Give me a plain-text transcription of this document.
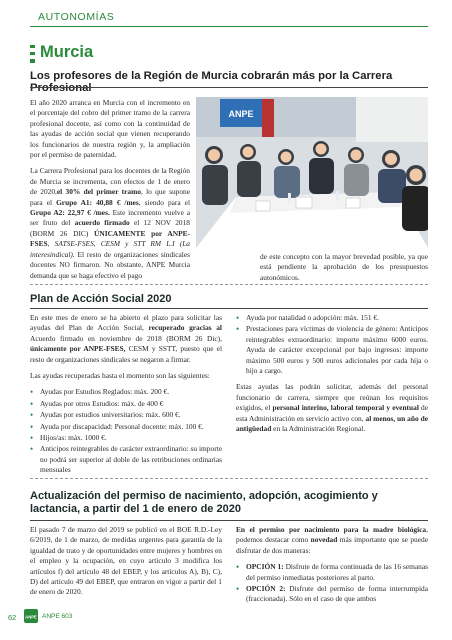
AUTONOMÍAS
Murcia
Los profesores de la Región de Murcia cobrarán más por la Carrera Profesional

El año 2020 arranca en Murcia con el incremento en el porcentaje del cobro del primer tramo de la carrera profesional docente, así como con la continuidad de las ayudas de acción social que vienen recuperando los funcionarios de nuestra región y, la ampliación por el permiso de paternidad.

La Carrera Profesional para los docentes de la Región de Murcia se incrementa, con efectos de 1 de enero de 2020,el 30% del primer tramo, lo que supone para el Grupo A1: 40,88 € /mes, siendo para el Grupo A2: 22,97 € /mes. Este incremento vuelve a ser fruto del acuerdo firmado el 12 NOV 2018 (BORM 26 DIC) ÚNICAMENTE por ANPE-FSES, SATSE-FSES, CESM y STT RM L.I (La interesindical). El resto de organizaciones sindicales docentes NO firmaron. No obstante, ANPE Murcia demanda que se haga efectivo el pago

ANPE

de este concepto con la mayor brevedad posible, ya que está pendiente la aprobación de los presupuestos autonómicos.

Plan de Acción Social 2020

En este mes de enero se ha abierto el plazo para solicitar las ayudas del Plan de Acción Social, recuperado gracias al Acuerdo firmado en noviembre de 2018 (BORM 26 Dic), únicamente por ANPE-FSES, CESM y SSTT, puesto que el resto de organizaciones sindicales se negaron a firmar.

Las ayudas recuperadas hasta el momento son las siguientes:

• Ayudas por Estudios Reglados: máx. 200 €.
• Ayudas por otros Estudios: máx. de 400 €
• Ayudas por estudios universitarios: máx. 600 €.
• Ayuda por discapacidad: Personal docente: máx. 100 €.
• Hijos/as: máx. 1000 €.
• Anticipos reintegrables de carácter extraordinario: su importe no podrá ser superior al doble de las retribuciones ordinarias mensuales
• Ayuda por natalidad o adopción: máx. 151 €.
• Prestaciones para víctimas de violencia de género: Anticipos reintegrables extraordinario: importe máximo 6000 euros. Ayuda de carácter excepcional por bajo ingresos: importe máximo 500 euros y 500 euros adicionales por cada hija o hijo a cargo.

Estas ayudas las podrán solicitar, además del personal funcionario de carrera, siempre que reúnan los requisitos exigidos, el personal interino, laboral temporal y eventual de esta Administración en servicio activo con, al menos, un año de antigüedad en la Administración Regional.

Actualización del permiso de nacimiento, adopción, acogimiento y lactancia, a partir del 1 de enero de 2020

El pasado 7 de marzo del 2019 se publicó en el BOE R.D.-Ley 6/2019, de 1 de marzo, de medidas urgentes para garantía de la igualdad de trato y de oportunidades entre mujeres y hombres en el empleo y la ocupación, en cuyo artículo 3 modifica los artículos f) del artículo 48 del EBEP, y los artículos A), B), C), D) del artículo 49 del EBEP, que entraron en vigor a partir del 1 de enero de 2020.

En el permiso por nacimiento para la madre biológica, podemos destacar como novedad más importante que se puede disfrutar de dos maneras:

• OPCIÓN 1: Disfrute de forma continuada de las 16 semanas del permiso inmediatas posteriores al parto.
• OPCIÓN 2: Disfrute del permiso de forma interrumpida (fraccionada). Sólo en el caso de que ambos
62 ANPE ANPE 603
